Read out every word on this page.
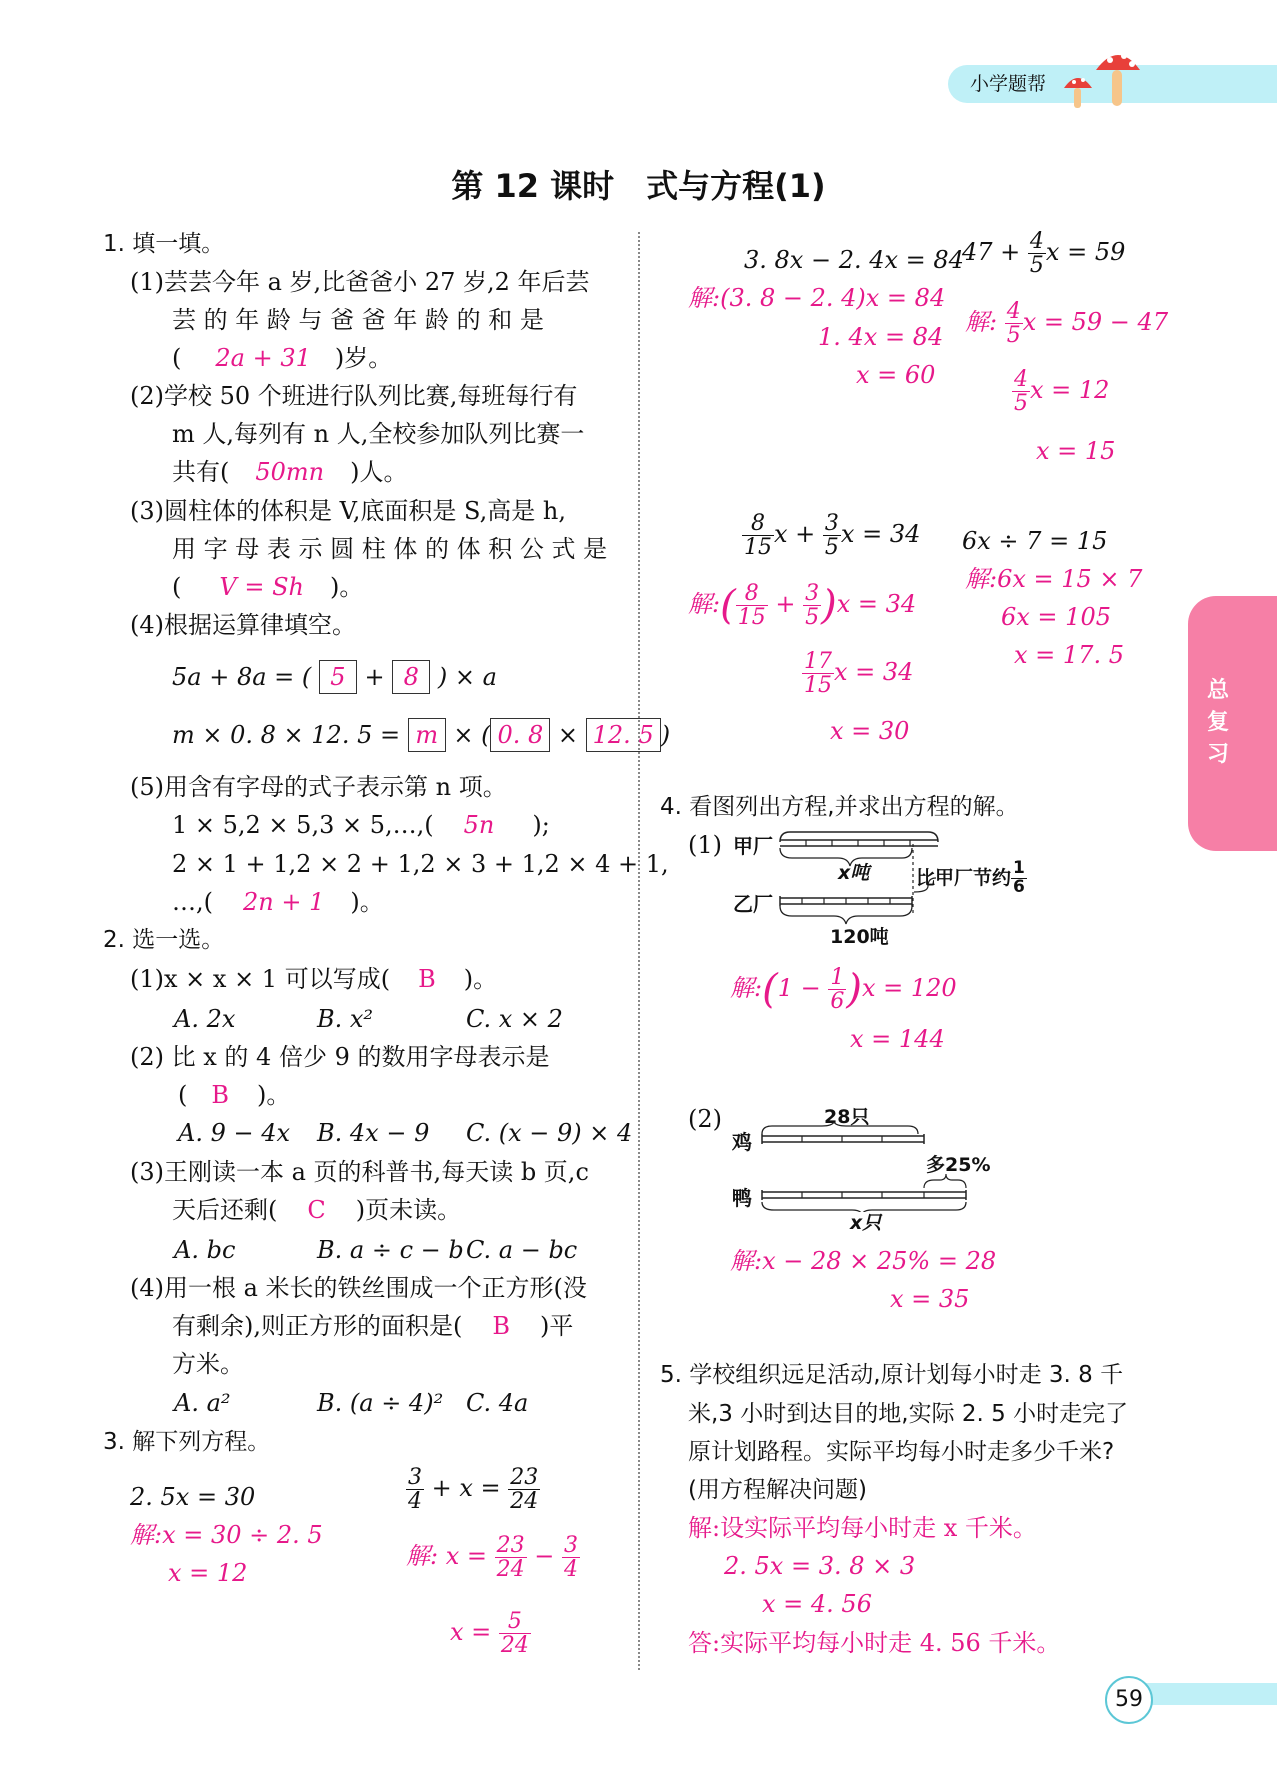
小学题帮
总复习
59
第 12 课时　式与方程(1)
1. 填一填。
(1)芸芸今年 a 岁,比爸爸小 27 岁,2 年后芸
芸 的 年 龄 与 爸 爸 年 龄 的 和 是
( 2a + 31 )岁。
(2)学校 50 个班进行队列比赛,每班每行有
m 人,每列有 n 人,全校参加队列比赛一
共有( 50mn )人。
(3)圆柱体的体积是 V,底面积是 S,高是 h,
用 字 母 表 示 圆 柱 体 的 体 积 公 式 是
( V = Sh )。
(4)根据运算律填空。
5a + 8a = ( 5 + 8 ) × a
m × 0. 8 × 12. 5 = m × ( 0. 8 × 12. 5 )
(5)用含有字母的式子表示第 n 项。
1 × 5,2 × 5,3 × 5,…,( 5n );
2 × 1 + 1,2 × 2 + 1,2 × 3 + 1,2 × 4 + 1,
…,( 2n + 1 )。
2. 选一选。
(1)x × x × 1 可以写成( B )。
A. 2x	B. x²	C. x × 2
(2) 比 x 的 4 倍少 9 的数用字母表示是
( B )。
A. 9 − 4x B. 4x − 9 C. (x − 9) × 4
(3)王刚读一本 a 页的科普书,每天读 b 页,c
天后还剩( C )页未读。
A. bc	B. a ÷ c − b C. a − bc
(4)用一根 a 米长的铁丝围成一个正方形(没
有剩余),则正方形的面积是( B )平
方米。
A. a²	B. (a ÷ 4)² C. 4a
3. 解下列方程。
2. 5x = 30
解:x = 30 ÷ 2. 5
x = 12
$\frac{3}{4} + x = \frac{23}{24}$
解: $x = \frac{23}{24} - \frac{3}{4}$
$x = \frac{5}{24}$
3. 8x − 2. 4x = 84
解:(3. 8 − 2. 4)x = 84
1. 4x = 84
x = 60
$47 + \frac{4}{5}$ x = 59
解: $\frac{4}{5}$ x = 59 − 47
$\frac{4}{5}$ x = 12
x = 15
$\frac{8}{15}$ $x + \frac{3}{5}$ x = 34
解:( $\frac{8}{15} + \frac{3}{5} )x = 34$
$\frac{17}{15}$ x = 34
x = 30
6x ÷ 7 = 15
解:6x = 15 × 7
6x = 105
x = 17. 5
4. 看图列出方程,并求出方程的解。
(1) 甲厂
乙厂
x吨 比甲厂节约 $\frac{1}{6}$
120吨
解:(1 − $\frac{1}{6} )x = 120$
x = 144
(2)
鸡
鸭
28只
多25%
x只
解:x − 28 × 25% = 28
x = 35
5. 学校组织远足活动,原计划每小时走 3. 8 千
米,3 小时到达目的地,实际 2. 5 小时走完了
原计划路程。实际平均每小时走多少千米?
(用方程解决问题)
解:设实际平均每小时走 x 千米。
2. 5x = 3. 8 × 3
x = 4. 56
答:实际平均每小时走 4. 56 千米。
